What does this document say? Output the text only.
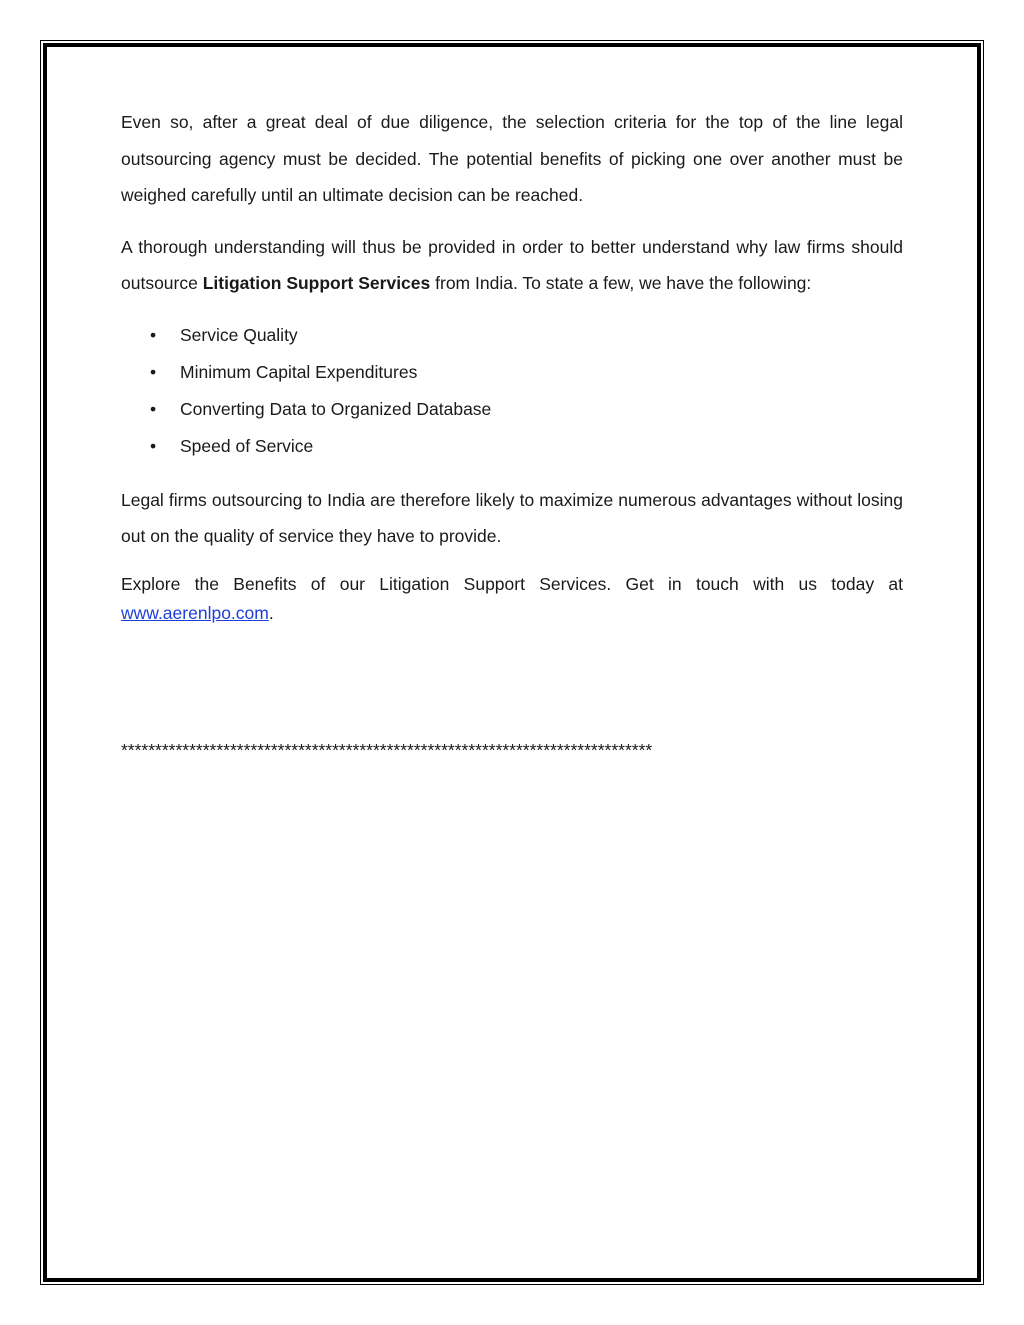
Even so, after a great deal of due diligence, the selection criteria for the top of the line legal outsourcing agency must be decided. The potential benefits of picking one over another must be weighed carefully until an ultimate decision can be reached.

A thorough understanding will thus be provided in order to better understand why law firms should outsource Litigation Support Services from India. To state a few, we have the following:

• Service Quality
• Minimum Capital Expenditures
• Converting Data to Organized Database
• Speed of Service

Legal firms outsourcing to India are therefore likely to maximize numerous advantages without losing out on the quality of service they have to provide.

Explore the Benefits of our Litigation Support Services. Get in touch with us today at www.aerenlpo.com.

******************************************************************************
